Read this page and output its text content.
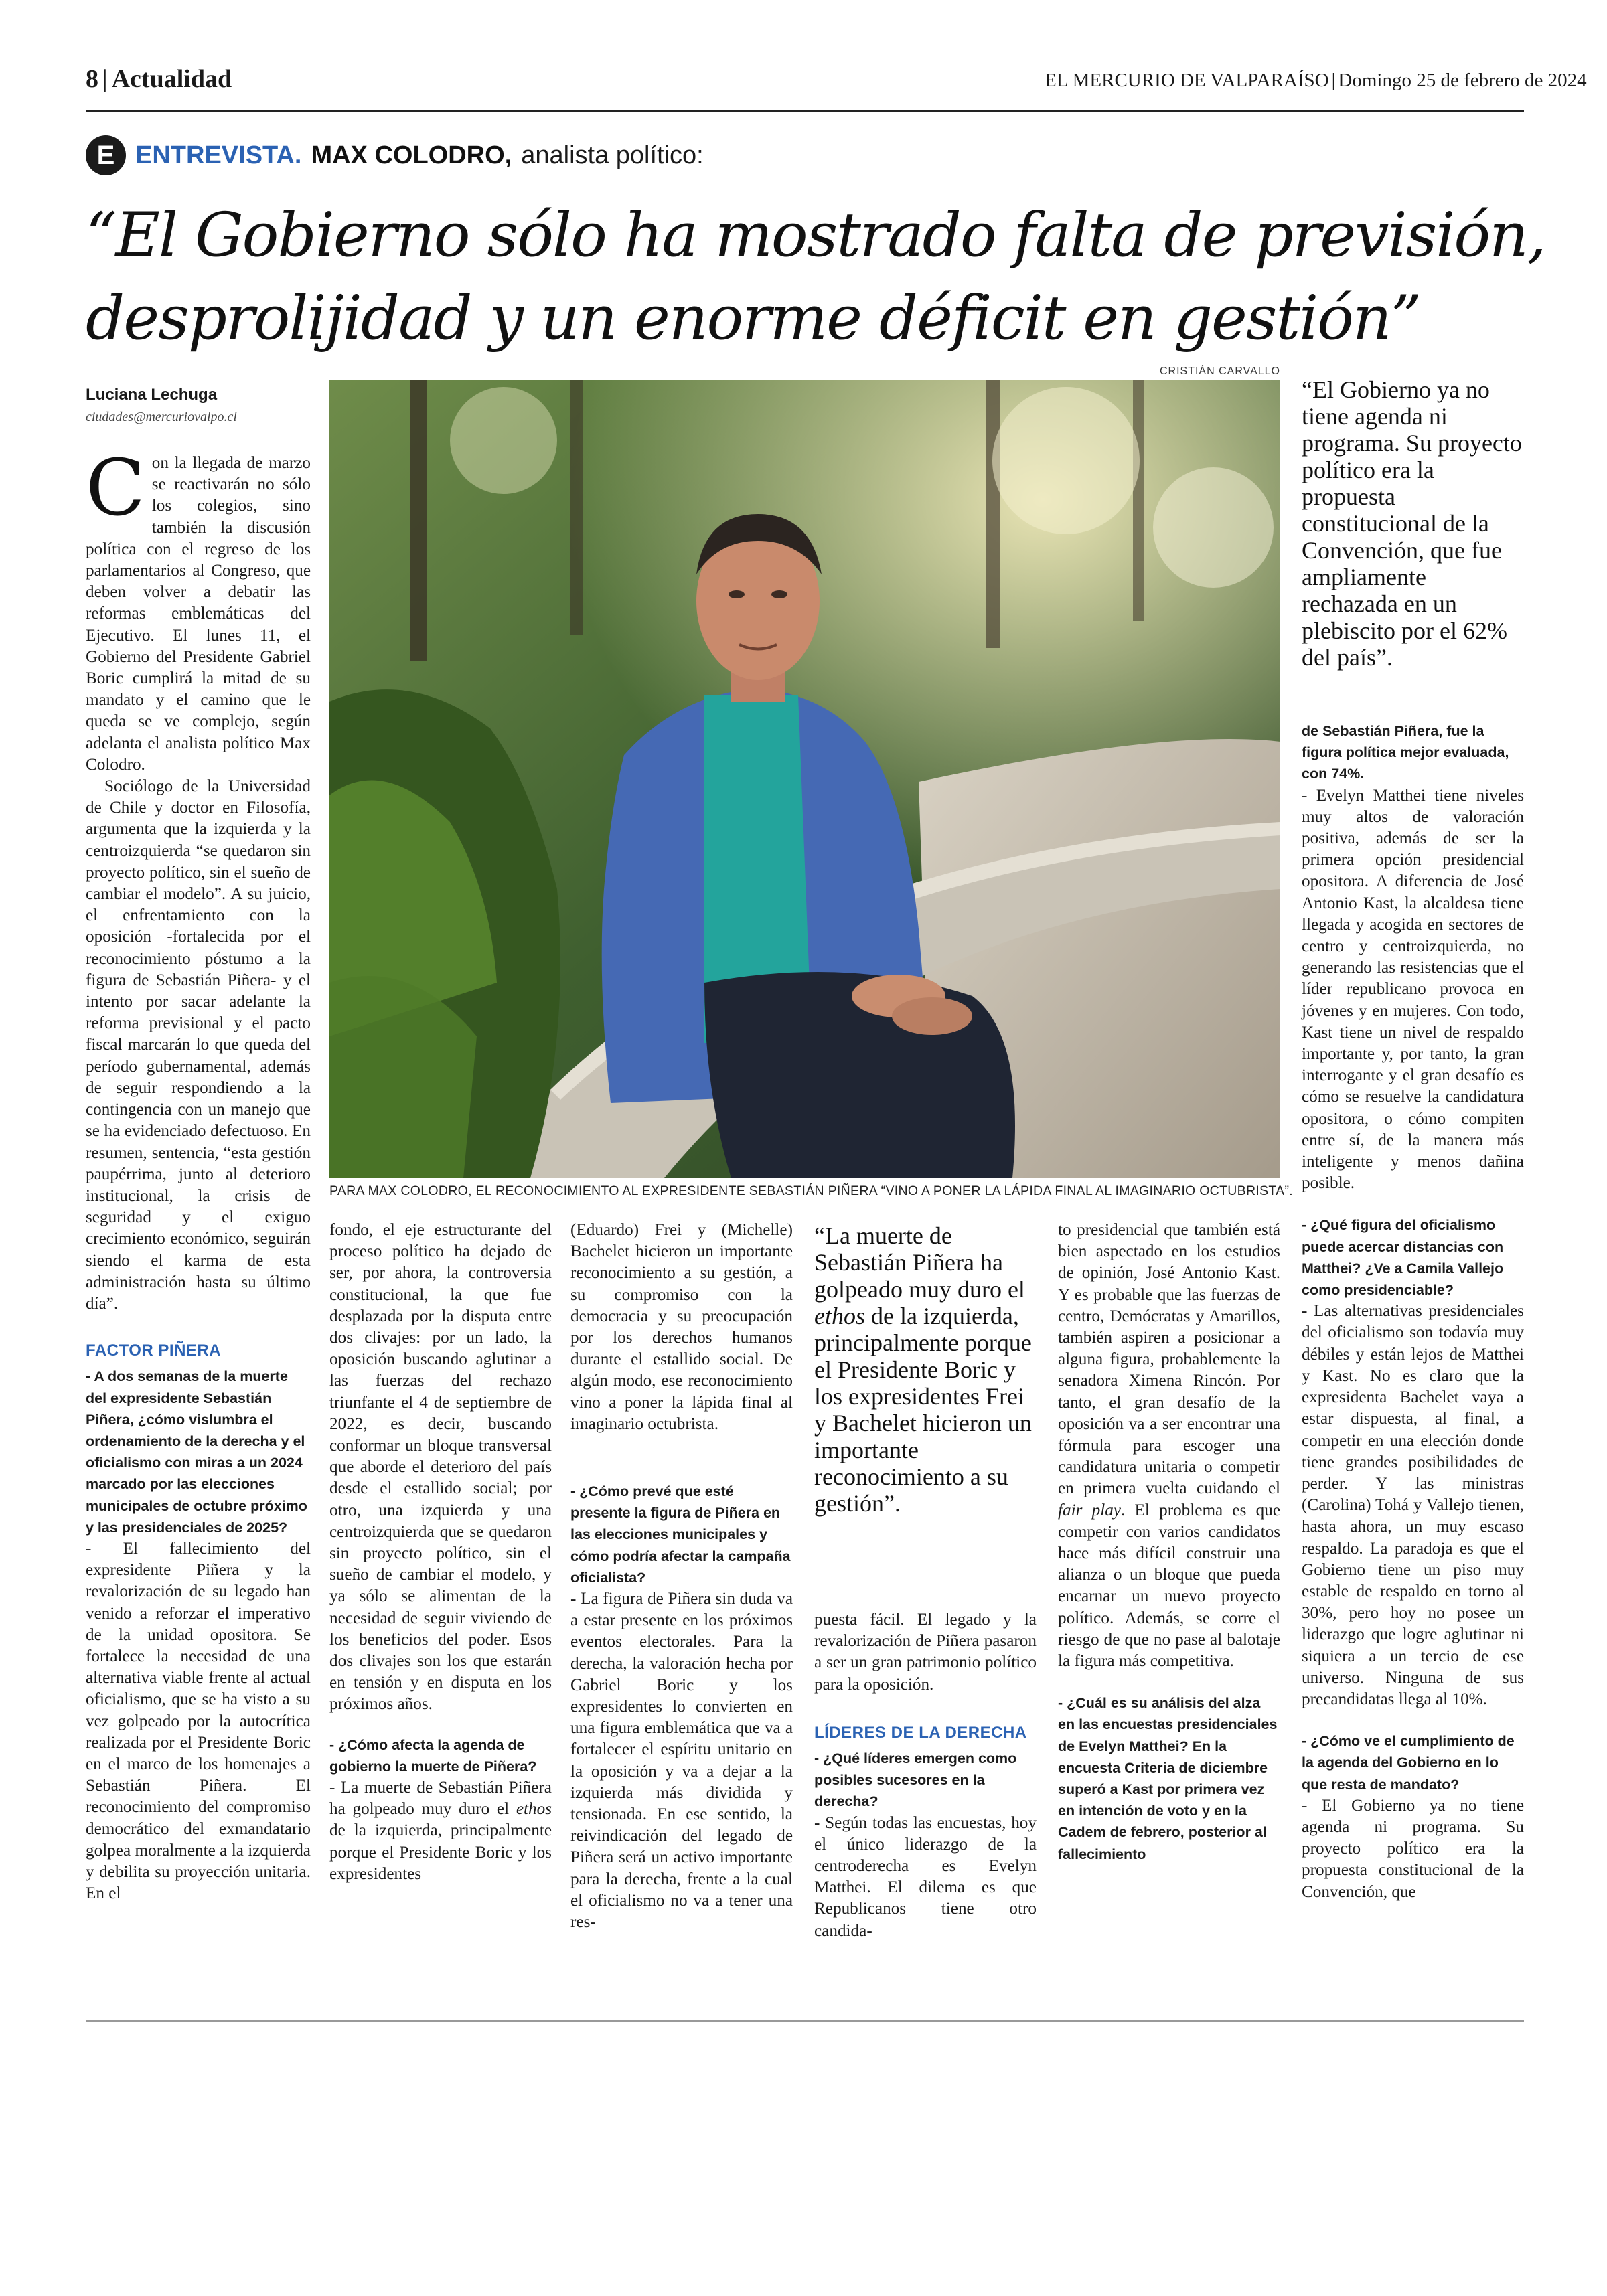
8 | Actualidad	EL MERCURIO DE VALPARAÍSO | Domingo 25 de febrero de 2024
E ENTREVISTA. MAX COLODRO, analista político:
“El Gobierno sólo ha mostrado falta de previsión,
desprolijidad y un enorme déficit en gestión”
CRISTIÁN CARVALLO
Luciana Lechuga
ciudades@mercuriovalpo.cl
PARA MAX COLODRO, EL RECONOCIMIENTO AL EXPRESIDENTE SEBASTIÁN PIÑERA “VINO A PONER LA LÁPIDA FINAL AL IMAGINARIO OCTUBRISTA”.

Con la llegada de marzo se reactivarán no sólo los colegios, sino también la discusión política con el regreso de los parlamentarios al Congreso, que deben volver a debatir las reformas emblemáticas del Ejecutivo. El lunes 11, el Gobierno del Presidente Gabriel Boric cumplirá la mitad de su mandato y el camino que le queda se ve complejo, según adelanta el analista político Max Colodro.

Sociólogo de la Universidad de Chile y doctor en Filosofía, argumenta que la izquierda y la centroizquierda “se quedaron sin proyecto político, sin el sueño de cambiar el modelo”. A su juicio, el enfrentamiento con la oposición -fortalecida por el reconocimiento póstumo a la figura de Sebastián Piñera- y el intento por sacar adelante la reforma previsional y el pacto fiscal marcarán lo que queda del período gubernamental, además de seguir respondiendo a la contingencia con un manejo que se ha evidenciado defectuoso. En resumen, sentencia, “esta gestión paupérrima, junto al deterioro institucional, la crisis de seguridad y el exiguo crecimiento económico, seguirán siendo el karma de esta administración hasta su último día”.

FACTOR PIÑERA
- A dos semanas de la muerte del expresidente Sebastián Piñera, ¿cómo vislumbra el ordenamiento de la derecha y el oficialismo con miras a un 2024 marcado por las elecciones municipales de octubre próximo y las presidenciales de 2025?

- El fallecimiento del expresidente Piñera y la revalorización de su legado han venido a reforzar el imperativo de la unidad opositora. Se fortalece la necesidad de una alternativa viable frente al actual oficialismo, que se ha visto a su vez golpeado por la autocrítica realizada por el Presidente Boric en el marco de los homenajes a Sebastián Piñera. El reconocimiento del compromiso democrático del exmandatario golpea moralmente a la izquierda y debilita su proyección unitaria. En el

fondo, el eje estructurante del proceso político ha dejado de ser, por ahora, la controversia constitucional, la que fue desplazada por la disputa entre dos clivajes: por un lado, la oposición buscando aglutinar a las fuerzas del rechazo triunfante el 4 de septiembre de 2022, es decir, buscando conformar un bloque transversal que aborde el deterioro del país desde el estallido social; por otro, una izquierda y una centroizquierda que se quedaron sin proyecto político, sin el sueño de cambiar el modelo, y ya sólo se alimentan de la necesidad de seguir viviendo de los beneficios del poder. Esos dos clivajes son los que estarán en tensión y en disputa en los próximos años.

- ¿Cómo afecta la agenda de gobierno la muerte de Piñera?

- La muerte de Sebastián Piñera ha golpeado muy duro el ethos de la izquierda, principalmente porque el Presidente Boric y los expresidentes

(Eduardo) Frei y (Michelle) Bachelet hicieron un importante reconocimiento a su gestión, a su compromiso con la democracia y su preocupación por los derechos humanos durante el estallido social. De algún modo, ese reconocimiento vino a poner la lápida final al imaginario octubrista.

- ¿Cómo prevé que esté presente la figura de Piñera en las elecciones municipales y cómo podría afectar la campaña oficialista?

- La figura de Piñera sin duda va a estar presente en los próximos eventos electorales. Para la derecha, la valoración hecha por Gabriel Boric y los expresidentes lo convierten en una figura emblemática que va a fortalecer el espíritu unitario en la oposición y va a dejar a la izquierda más dividida y tensionada. En ese sentido, la reivindicación del legado de Piñera será un activo importante para la derecha, frente a la cual el oficialismo no va a tener una res-

“La muerte de Sebastián Piñera ha golpeado muy duro el ethos de la izquierda, principalmente porque el Presidente Boric y los expresidentes Frei y Bachelet hicieron un importante reconocimiento a su gestión”.

puesta fácil. El legado y la revalorización de Piñera pasaron a ser un gran patrimonio político para la oposición.

LÍDERES DE LA DERECHA
- ¿Qué líderes emergen como posibles sucesores en la derecha?

- Según todas las encuestas, hoy el único liderazgo de la centroderecha es Evelyn Matthei. El dilema es que Republicanos tiene otro candida-

to presidencial que también está bien aspectado en los estudios de opinión, José Antonio Kast. Y es probable que las fuerzas de centro, Demócratas y Amarillos, también aspiren a posicionar a alguna figura, probablemente la senadora Ximena Rincón. Por tanto, el gran desafío de la oposición va a ser encontrar una fórmula para escoger una candidatura unitaria o competir en primera vuelta cuidando el fair play. El problema es que competir con varios candidatos hace más difícil construir una alianza o un bloque que pueda encarnar un nuevo proyecto político. Además, se corre el riesgo de que no pase al balotaje la figura más competitiva.

- ¿Cuál es su análisis del alza en las encuestas presidenciales de Evelyn Matthei? En la encuesta Criteria de diciembre superó a Kast por primera vez en intención de voto y en la Cadem de febrero, posterior al fallecimiento
“El Gobierno ya no tiene agenda ni programa. Su proyecto político era la propuesta constitucional de la Convención, que fue ampliamente rechazada en un plebiscito por el 62% del país”.
de Sebastián Piñera, fue la figura política mejor evaluada, con 74%.

- Evelyn Matthei tiene niveles muy altos de valoración positiva, además de ser la primera opción presidencial opositora. A diferencia de José Antonio Kast, la alcaldesa tiene llegada y acogida en sectores de centro y centroizquierda, no generando las resistencias que el líder republicano provoca en jóvenes y en mujeres. Con todo, Kast tiene un nivel de respaldo importante y, por tanto, la gran interrogante y el gran desafío es cómo se resuelve la candidatura opositora, o cómo compiten entre sí, de la manera más inteligente y menos dañina posible.

- ¿Qué figura del oficialismo puede acercar distancias con Matthei? ¿Ve a Camila Vallejo como presidenciable?

- Las alternativas presidenciales del oficialismo son todavía muy débiles y están lejos de Matthei y Kast. No es claro que la expresidenta Bachelet vaya a estar dispuesta, al final, a competir en una elección donde tiene grandes posibilidades de perder. Y las ministras (Carolina) Tohá y Vallejo tienen, hasta ahora, un muy escaso respaldo. La paradoja es que el Gobierno tiene un piso muy estable de respaldo en torno al 30%, pero hoy no posee un liderazgo que logre aglutinar ni siquiera a un tercio de ese universo. Ninguna de sus precandidatas llega al 10%.

- ¿Cómo ve el cumplimiento de la agenda del Gobierno en lo que resta de mandato?

- El Gobierno ya no tiene agenda ni programa. Su proyecto político era la propuesta constitucional de la Convención, que
